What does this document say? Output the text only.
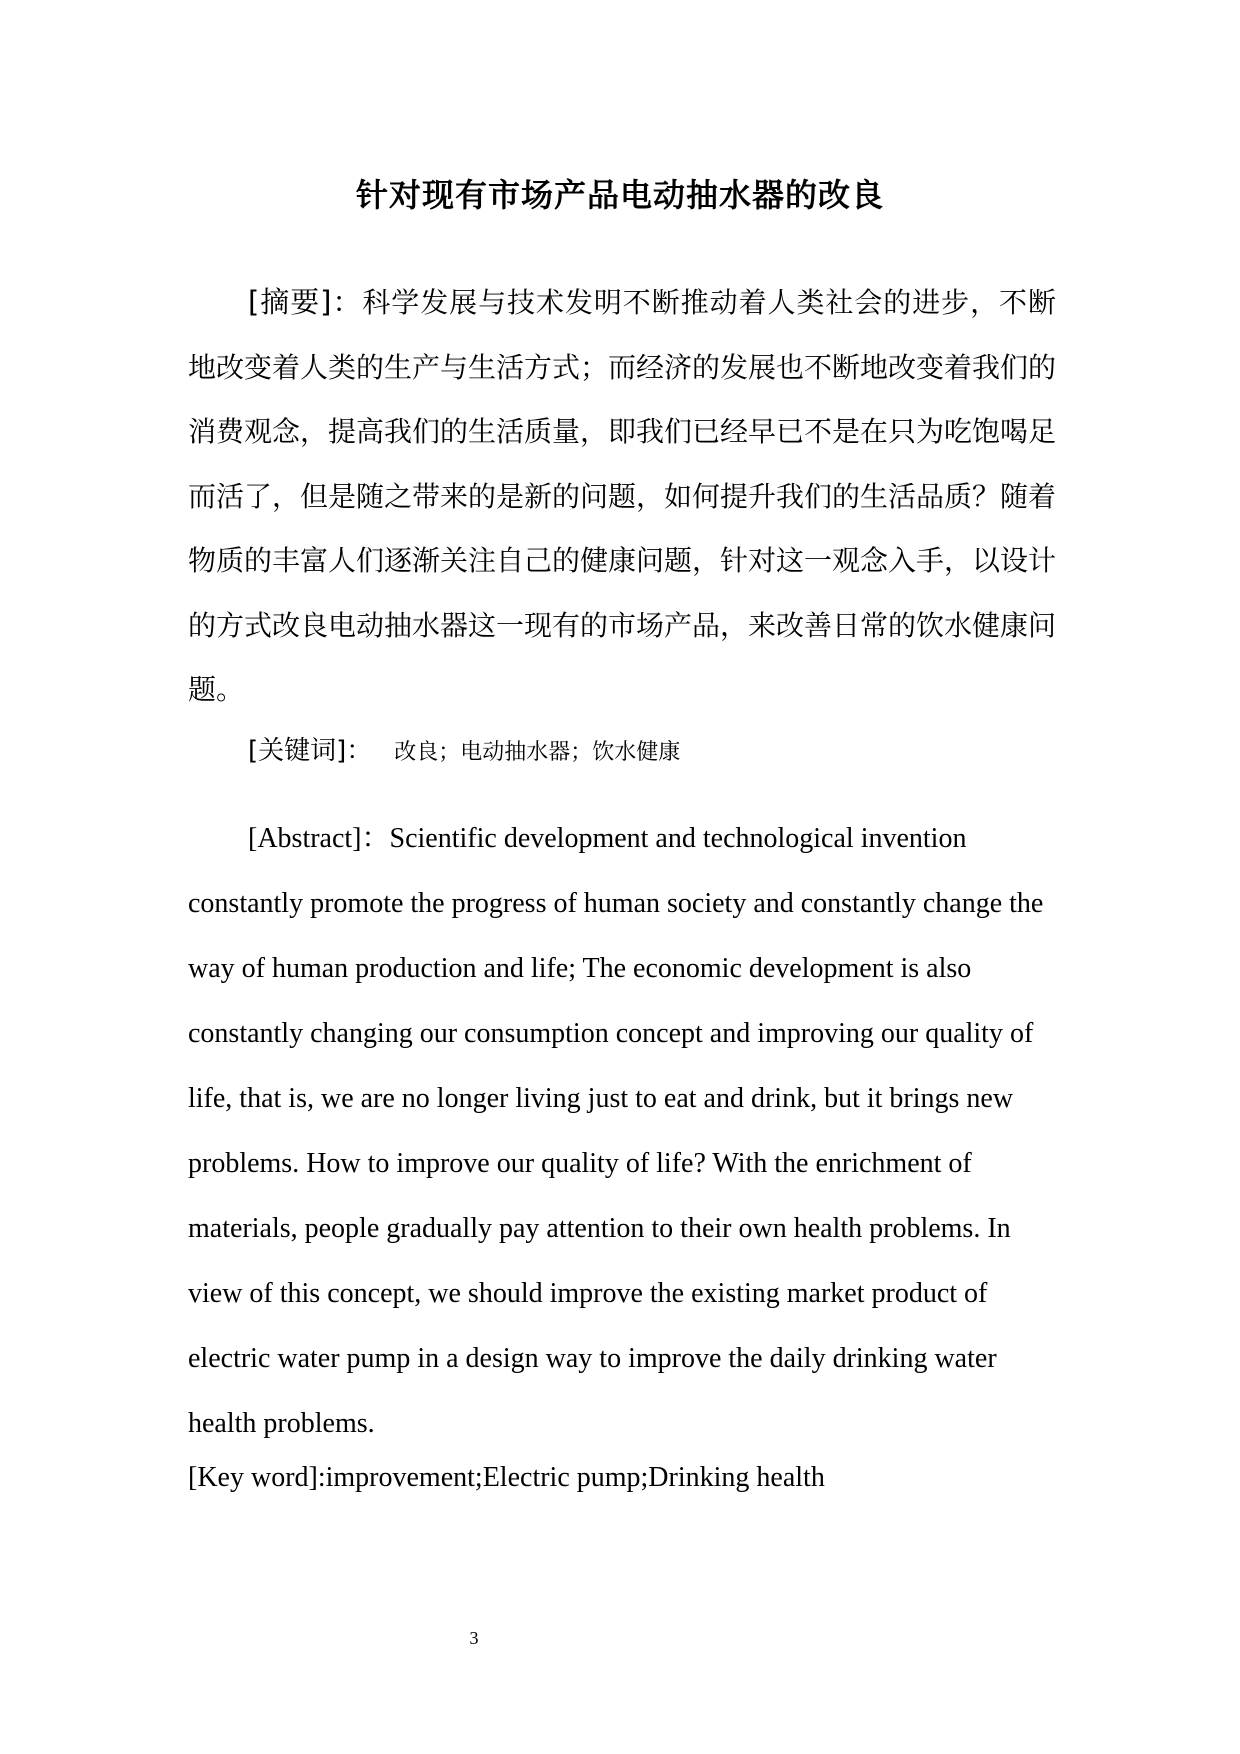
针对现有市场产品电动抽水器的改良

[摘要]：科学发展与技术发明不断推动着人类社会的进步，不断地改变着人类的生产与生活方式；而经济的发展也不断地改变着我们的消费观念，提高我们的生活质量，即我们已经早已不是在只为吃饱喝足而活了，但是随之带来的是新的问题，如何提升我们的生活品质？随着物质的丰富人们逐渐关注自己的健康问题，针对这一观念入手，以设计的方式改良电动抽水器这一现有的市场产品，来改善日常的饮水健康问题。

[关键词]： 改良；电动抽水器；饮水健康

[Abstract]：Scientific development and technological invention constantly promote the progress of human society and constantly change the way of human production and life; The economic development is also constantly changing our consumption concept and improving our quality of life, that is, we are no longer living just to eat and drink, but it brings new problems. How to improve our quality of life? With the enrichment of materials, people gradually pay attention to their own health problems. In view of this concept, we should improve the existing market product of electric water pump in a design way to improve the daily drinking water health problems.

[Key word]:improvement;Electric pump;Drinking health

3
